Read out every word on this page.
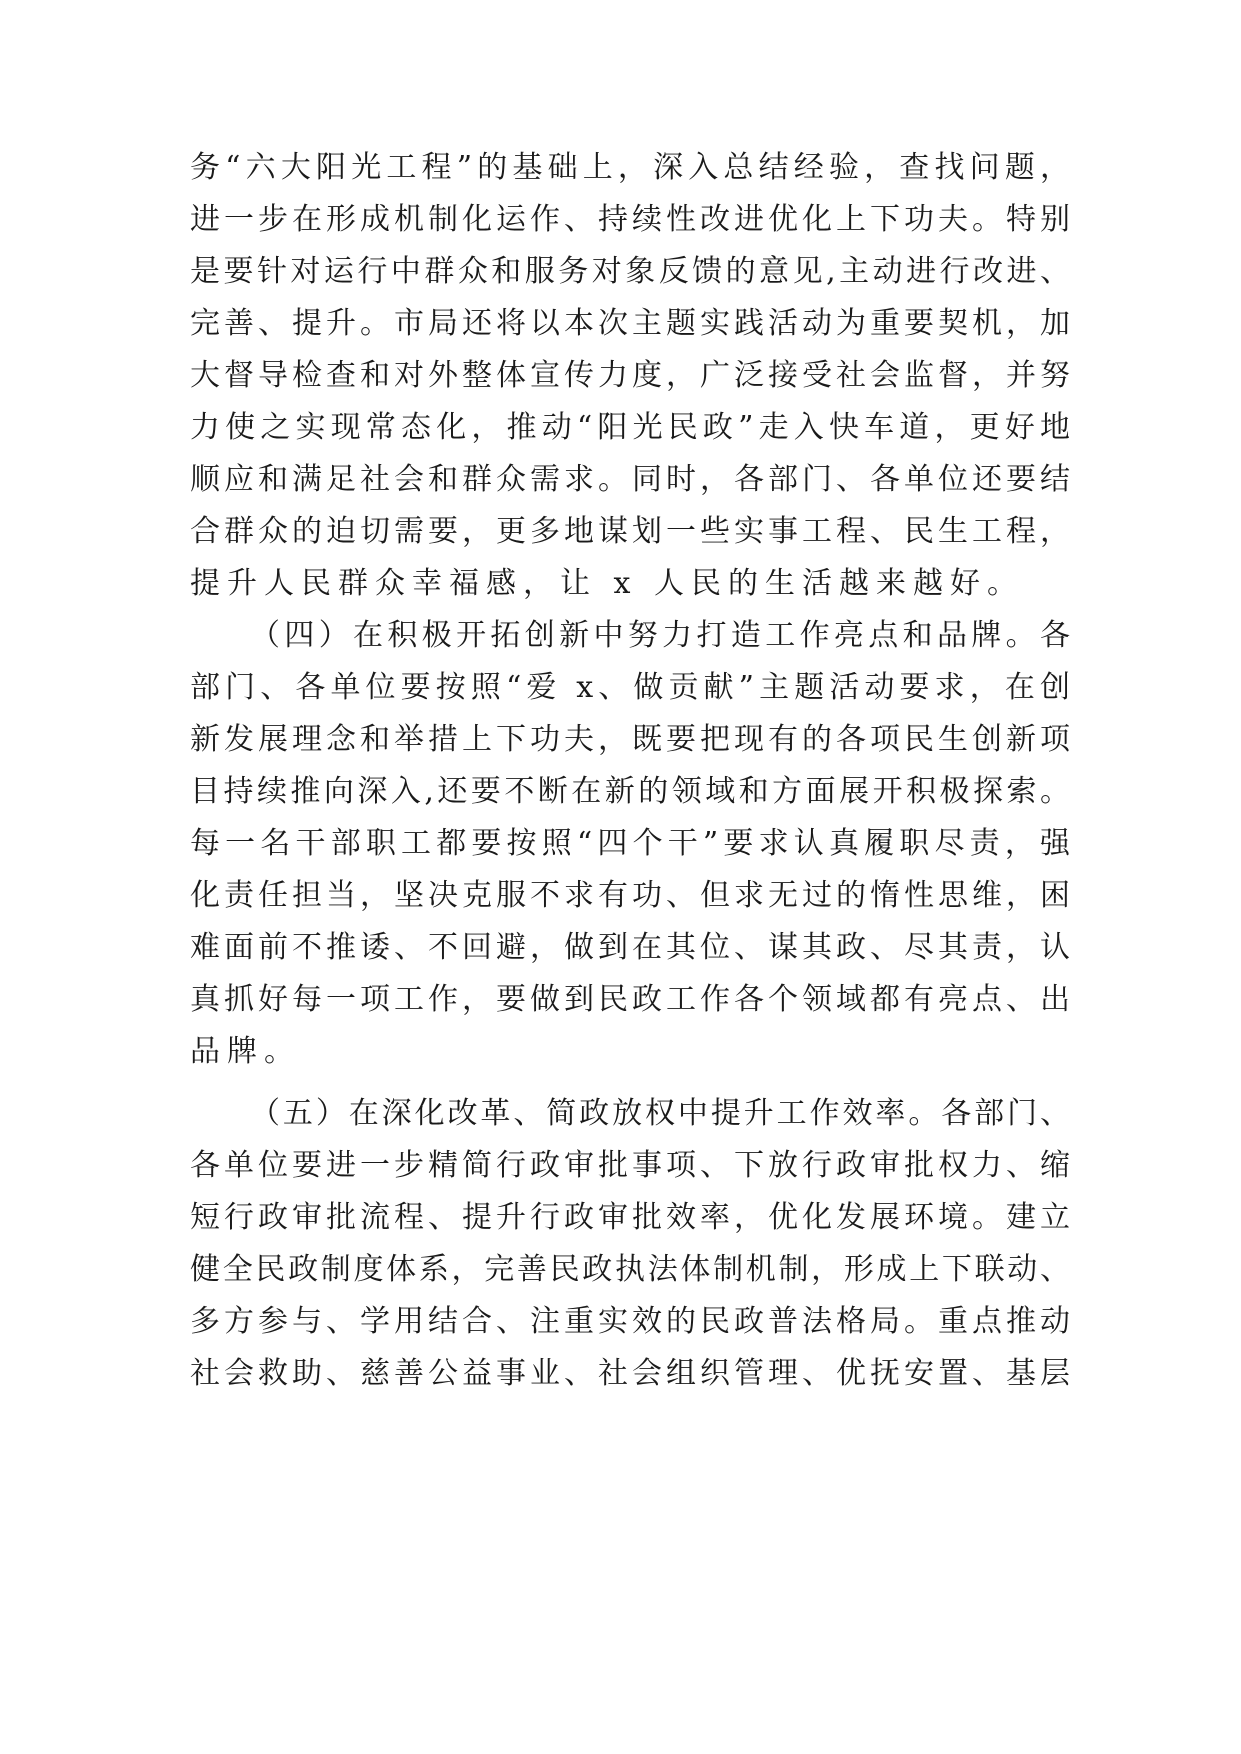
务“六大阳光工程”的基础上，深入总结经验，查找问题，
进一步在形成机制化运作、持续性改进优化上下功夫。特别
是要针对运行中群众和服务对象反馈的意见,主动进行改进、
完善、提升。市局还将以本次主题实践活动为重要契机，加
大督导检查和对外整体宣传力度，广泛接受社会监督，并努
力使之实现常态化，推动“阳光民政”走入快车道，更好地
顺应和满足社会和群众需求。同时，各部门、各单位还要结
合群众的迫切需要，更多地谋划一些实事工程、民生工程，
提升人民群众幸福感，让 x 人民的生活越来越好。
（四）在积极开拓创新中努力打造工作亮点和品牌。各
部门、各单位要按照“爱 x、做贡献”主题活动要求，在创
新发展理念和举措上下功夫，既要把现有的各项民生创新项
目持续推向深入,还要不断在新的领域和方面展开积极探索。
每一名干部职工都要按照“四个干”要求认真履职尽责，强
化责任担当，坚决克服不求有功、但求无过的惰性思维，困
难面前不推诿、不回避，做到在其位、谋其政、尽其责，认
真抓好每一项工作，要做到民政工作各个领域都有亮点、出
品牌。
（五）在深化改革、简政放权中提升工作效率。各部门、
各单位要进一步精简行政审批事项、下放行政审批权力、缩
短行政审批流程、提升行政审批效率，优化发展环境。建立
健全民政制度体系，完善民政执法体制机制，形成上下联动、
多方参与、学用结合、注重实效的民政普法格局。重点推动
社会救助、慈善公益事业、社会组织管理、优抚安置、基层
